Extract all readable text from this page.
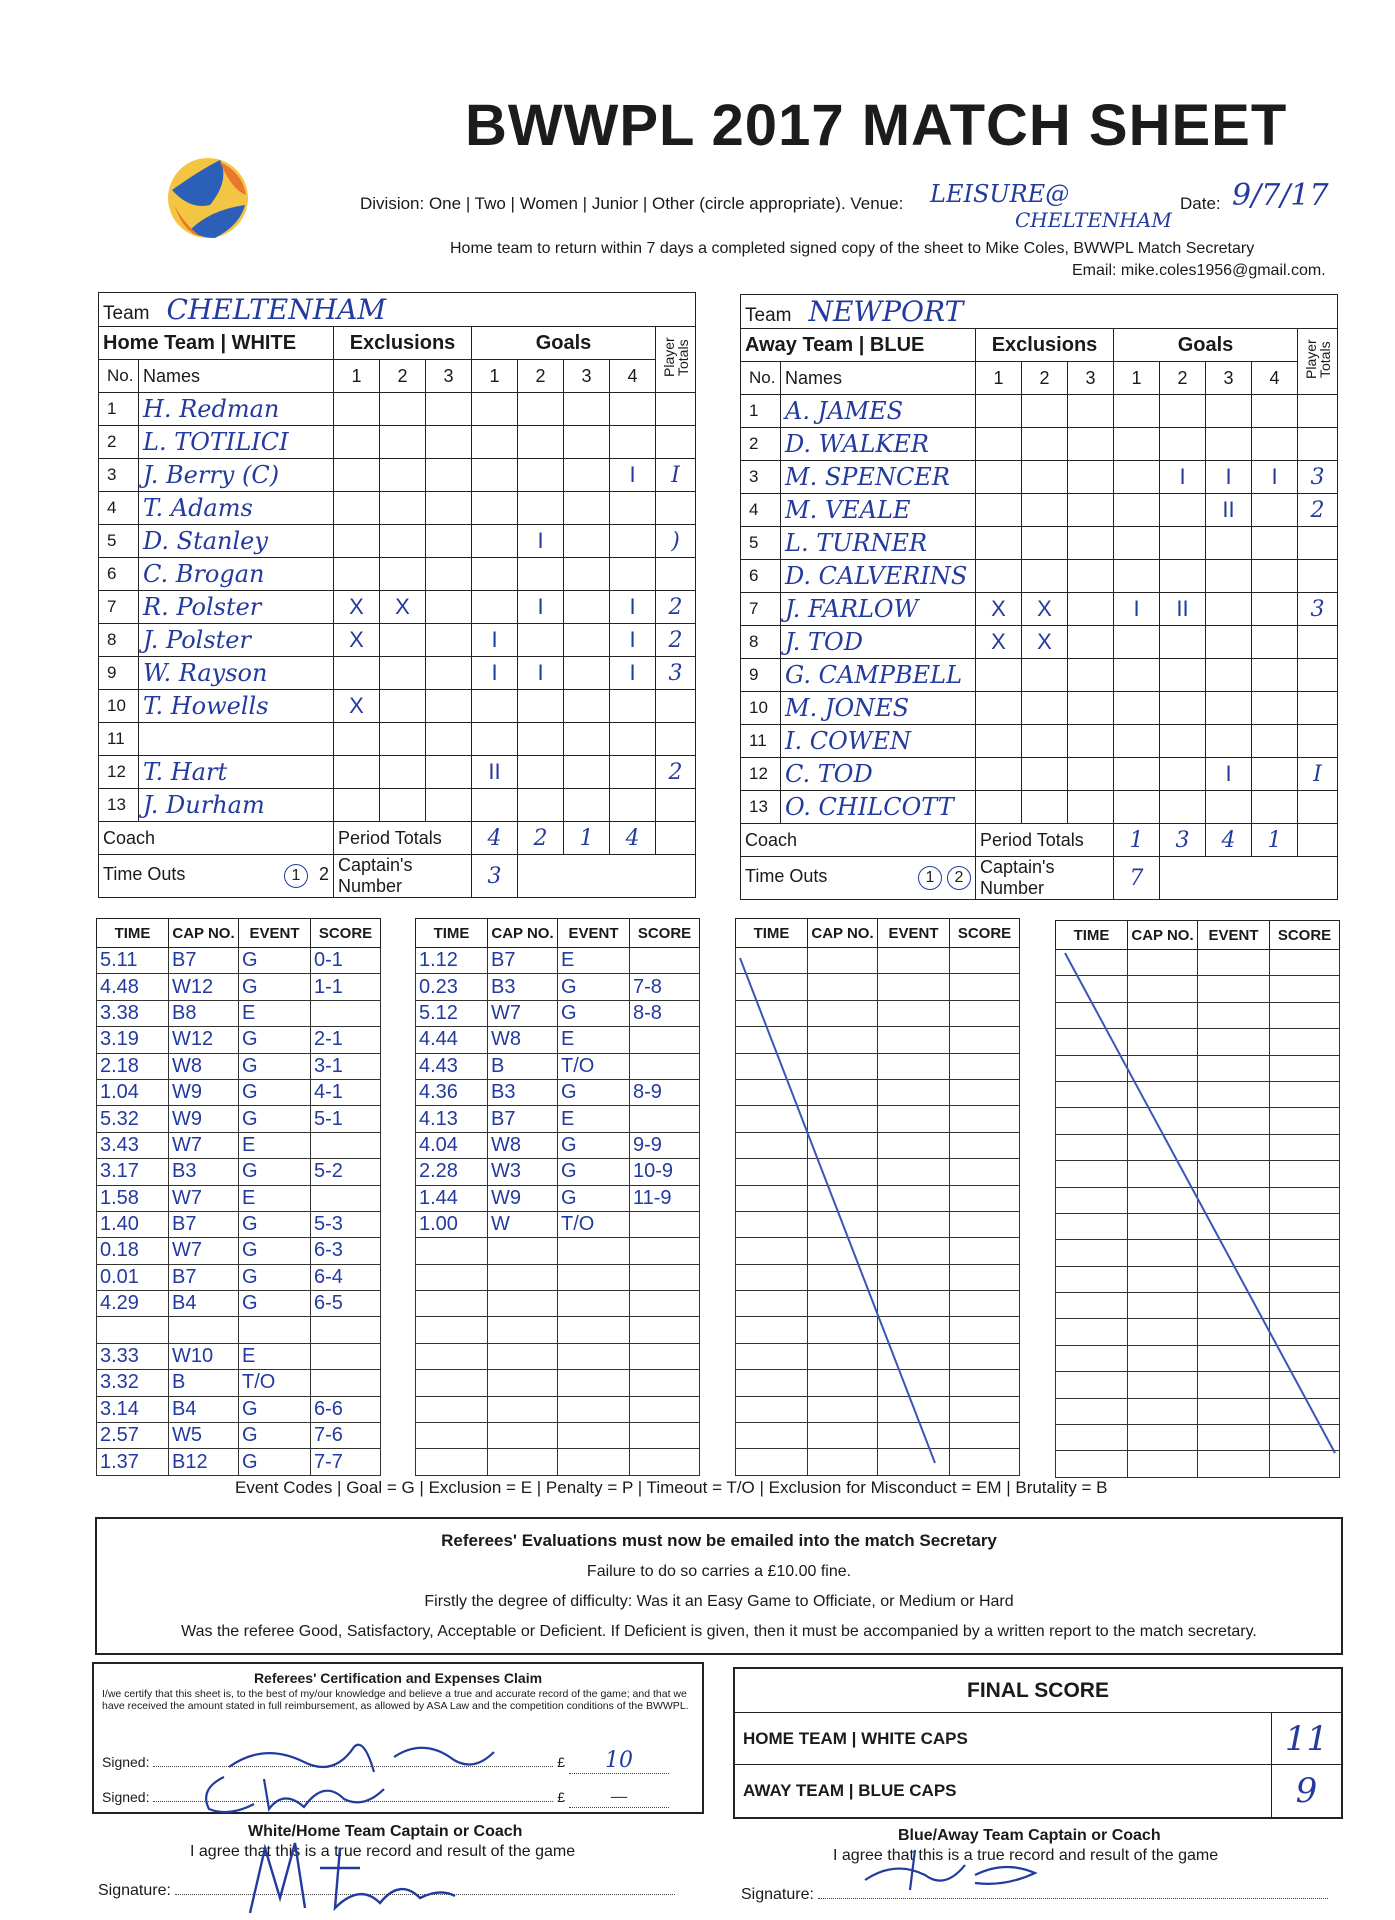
BWWPL 2017 MATCH SHEET
Division: One | Two | Women | Junior | Other (circle appropriate). Venue: LEISURE@
CHELTENHAM
Date: 9/7/17
Home team to return within 7 days a completed signed copy of the sheet to Mike Coles, BWWPL Match Secretary
Email: mike.coles1956@gmail.com.
Team CHELTENHAM									
Home Team | WHITE		Exclusions			Goals				Player Totals
No.	Names	1	2	3	1	2	3	4	
1	H. Redman								
2	L. TOTILICI								
3	J. Berry (C)							I	I
4	T. Adams								
5	D. Stanley					I			)
6	C. Brogan								
7	R. Polster	X	X			I		I	2
8	J. Polster	X			I			I	2
9	W. Rayson				I	I		I	3
10	T. Howells	X							
11									
12	T. Hart				II				2
13	J. Durham								
Coach		Period Totals			4	2	1	4	
Time Outs 1 2		Captain's Number			3				
Team NEWPORT									
Away Team | BLUE		Exclusions			Goals				Player Totals
No.	Names	1	2	3	1	2	3	4	
1	A. JAMES								
2	D. WALKER								
3	M. SPENCER					I	I	I	3
4	M. VEALE						II		2
5	L. TURNER								
6	D. CALVERINS								
7	J. FARLOW	X	X		I	II			3
8	J. TOD	X	X						
9	G. CAMPBELL								
10	M. JONES								
11	I. COWEN								
12	C. TOD						I		I
13	O. CHILCOTT								
Coach		Period Totals			1	3	4	1	
Time Outs 1 2		Captain's Number			7				
TIME	CAP NO.	EVENT	SCORE
5.11	B7	G	0-1
4.48	W12	G	1-1
3.38	B8	E	
3.19	W12	G	2-1
2.18	W8	G	3-1
1.04	W9	G	4-1
5.32	W9	G	5-1
3.43	W7	E	
3.17	B3	G	5-2
1.58	W7	E	
1.40	B7	G	5-3
0.18	W7	G	6-3
0.01	B7	G	6-4
4.29	B4	G	6-5

3.33	W10	E	
3.32	B	T/O	
3.14	B4	G	6-6
2.57	W5	G	7-6
1.37	B12	G	7-7
TIME	CAP NO.	EVENT	SCORE
1.12	B7	E	
0.23	B3	G	7-8
5.12	W7	G	8-8
4.44	W8	E	
4.43	B	T/O	
4.36	B3	G	8-9
4.13	B7	E	
4.04	W8	G	9-9
2.28	W3	G	10-9
1.44	W9	G	11-9
1.00	W	T/O	

TIME	CAP NO.	EVENT	SCORE

				TIME	CAP NO.	EVENT	SCORE

Event Codes | Goal = G | Exclusion = E | Penalty = P | Timeout = T/O | Exclusion for Misconduct = EM | Brutality = B
Referees' Evaluations must now be emailed into the match Secretary
Failure to do so carries a £10.00 fine.
Firstly the degree of difficulty: Was it an Easy Game to Officiate, or Medium or Hard
Was the referee Good, Satisfactory, Acceptable or Deficient. If Deficient is given, then it must be accompanied by a written report to the match secretary.
Referees' Certification and Expenses Claim
I/we certify that this sheet is, to the best of my/our knowledge and believe a true and accurate record of the game; and that we have received the amount stated in full reimbursement, as allowed by ASA Law and the competition conditions of the BWWPL.
Signed:	£ 10
Signed:	£ —
FINAL SCORE
HOME TEAM | WHITE CAPS	11
AWAY TEAM | BLUE CAPS	9
White/Home Team Captain or Coach
I agree that this is a true record and result of the game
Signature:
Blue/Away Team Captain or Coach
I agree that this is a true record and result of the game
Signature:
